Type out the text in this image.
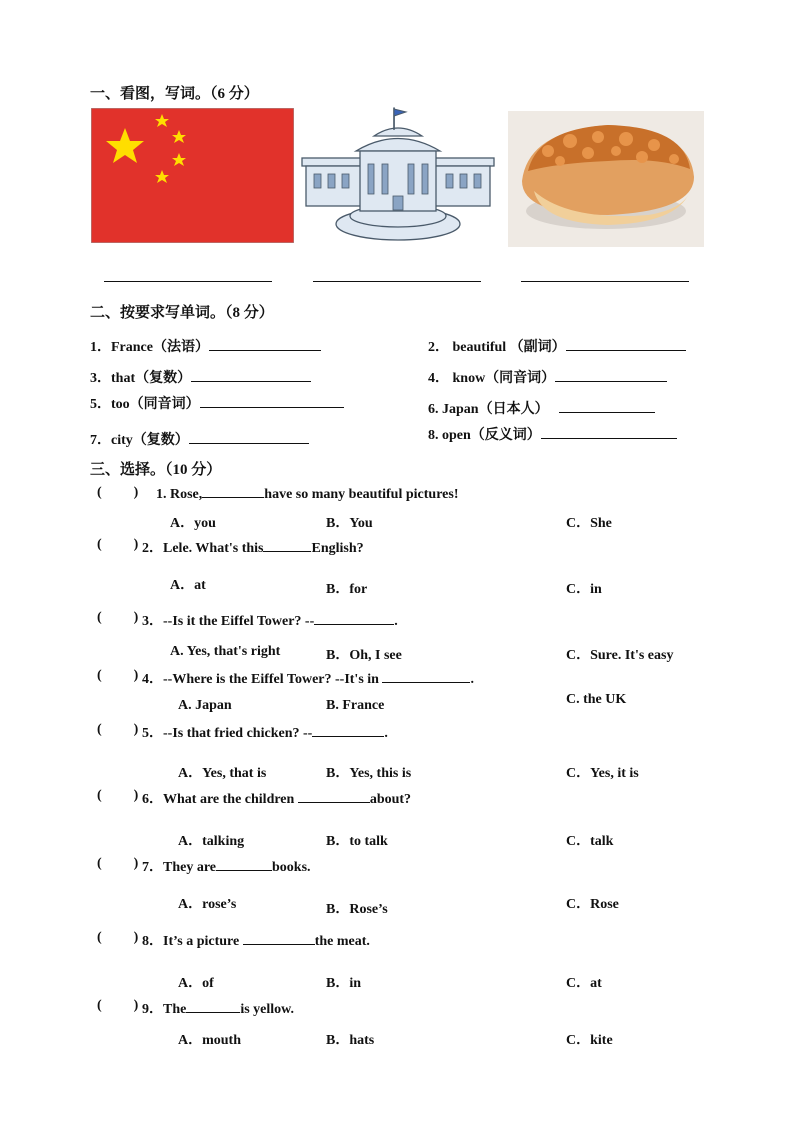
一、看图，写词。（6 分）
二、按要求写单词。（8 分）
1．France（法语）	2． beautiful （副词）
3．that（复数）	4． know（同音词）
5．too（同音词）	6. Japan（日本人）
7．city（复数）	8. open（反义词）
三、选择。（10 分）
( ) 1. Rose,	have so many beautiful pictures!
A．you	B．You	C．She
( ) 2．Lele. What's this	English?
A．at	B．for	C．in
( ) 3．--Is it the Eiffel Tower? --	.
A. Yes, that's right	B．Oh, I see	C．Sure. It's easy
( ) 4．--Where is the Eiffel Tower? --It's in	.
A. Japan	B. France	C. the UK
( ) 5．--Is that fried chicken? --	.
A．Yes, that is	B．Yes, this is	C．Yes, it is
( ) 6．What are the children	about?
A．talking	B．to talk	C．talk
( ) 7．They are	books.
A．rose’s	B．Rose’s	C．Rose
( ) 8．It’s a picture	the meat.
A．of	B．in	C．at
( ) 9．The	is yellow.
A．mouth	B．hats	C．kite
